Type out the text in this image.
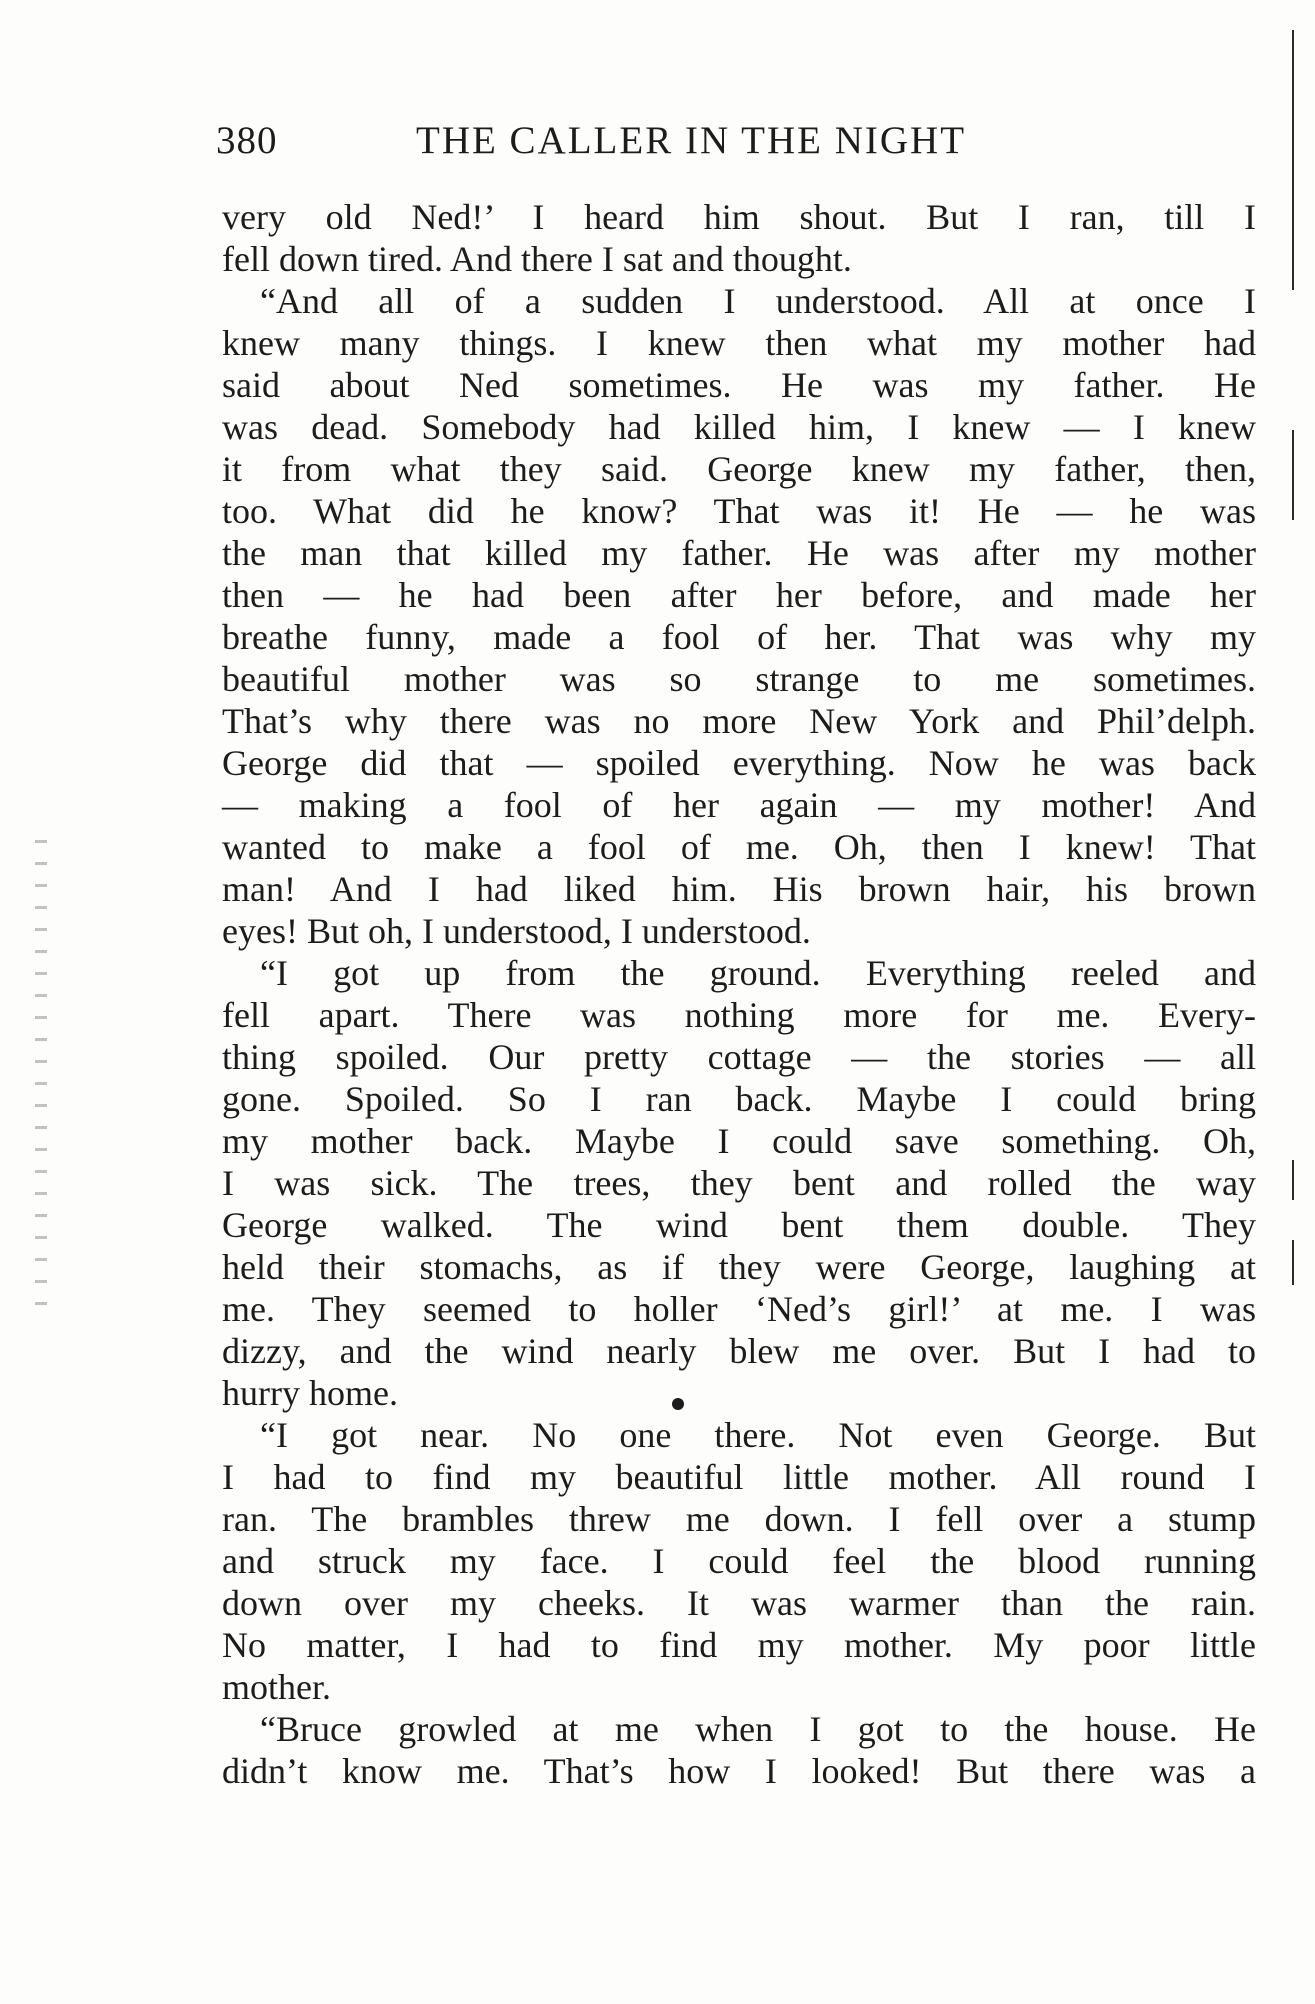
380	THE CALLER IN THE NIGHT
very old Ned!’ I heard him shout. But I ran, till I
fell down tired. And there I sat and thought.
“And all of a sudden I understood. All at once I
knew many things. I knew then what my mother had
said about Ned sometimes. He was my father. He
was dead. Somebody had killed him, I knew — I knew
it from what they said. George knew my father, then,
too. What did he know? That was it! He — he was
the man that killed my father. He was after my mother
then — he had been after her before, and made her
breathe funny, made a fool of her. That was why my
beautiful mother was so strange to me sometimes.
That’s why there was no more New York and Phil’delph.
George did that — spoiled everything. Now he was back
— making a fool of her again — my mother! And
wanted to make a fool of me. Oh, then I knew! That
man! And I had liked him. His brown hair, his brown
eyes! But oh, I understood, I understood.
“I got up from the ground. Everything reeled and
fell apart. There was nothing more for me. Every-
thing spoiled. Our pretty cottage — the stories — all
gone. Spoiled. So I ran back. Maybe I could bring
my mother back. Maybe I could save something. Oh,
I was sick. The trees, they bent and rolled the way
George walked. The wind bent them double. They
held their stomachs, as if they were George, laughing at
me. They seemed to holler ‘Ned’s girl!’ at me. I was
dizzy, and the wind nearly blew me over. But I had to
hurry home.
“I got near. No one there. Not even George. But
I had to find my beautiful little mother. All round I
ran. The brambles threw me down. I fell over a stump
and struck my face. I could feel the blood running
down over my cheeks. It was warmer than the rain.
No matter, I had to find my mother. My poor little
mother.
“Bruce growled at me when I got to the house. He
didn’t know me. That’s how I looked! But there was a
